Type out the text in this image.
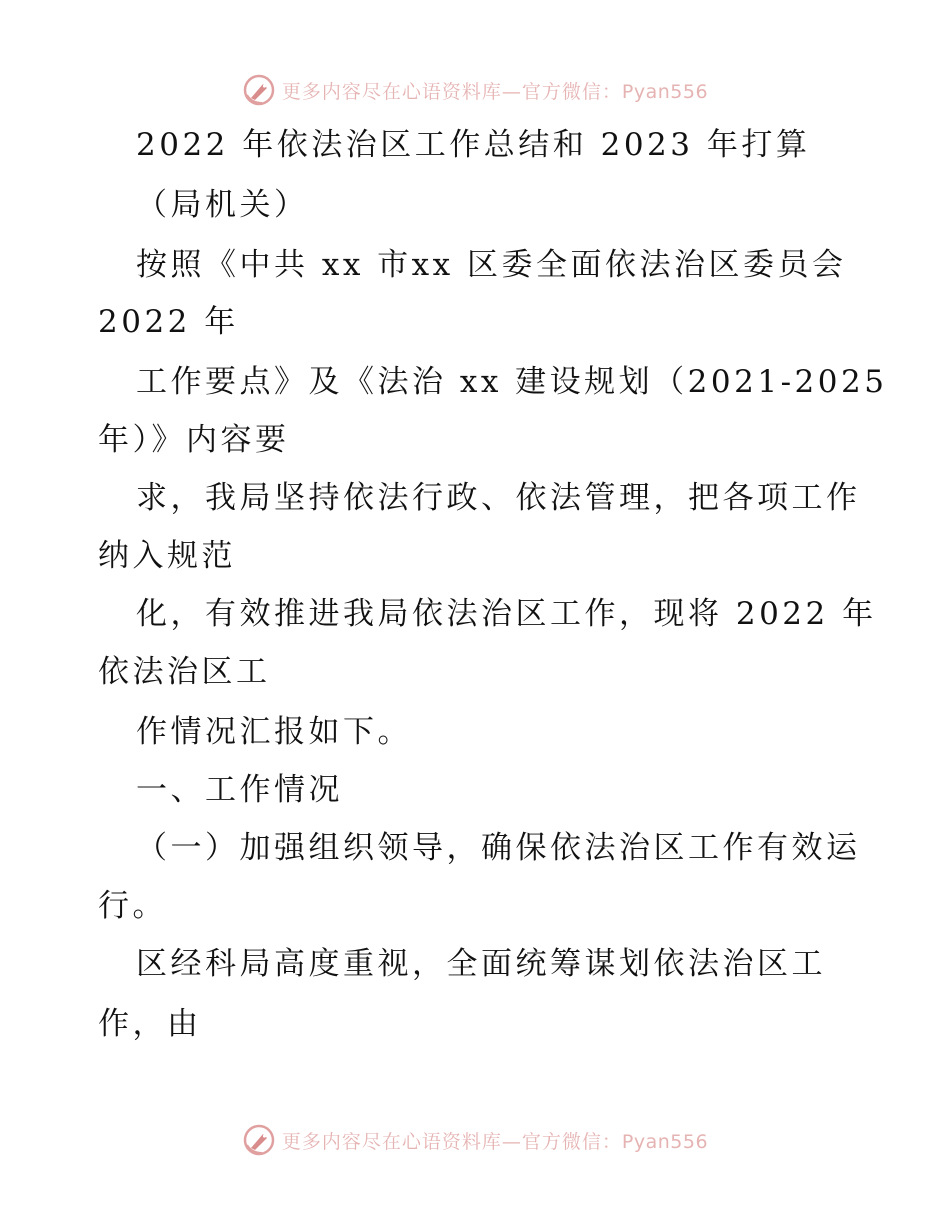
更多内容尽在心语资料库—官方微信：Pyan556
2022 年依法治区工作总结和 2023 年打算
（局机关）
按照《中共 xx 市xx 区委全面依法治区委员会
2022 年
工作要点》及《法治 xx 建设规划（2021-2025
年）》内容要
求，我局坚持依法行政、依法管理，把各项工作
纳入规范
化，有效推进我局依法治区工作，现将 2022 年
依法治区工
作情况汇报如下。
一、工作情况
（一）加强组织领导，确保依法治区工作有效运
行。
区经科局高度重视，全面统筹谋划依法治区工
作，由
更多内容尽在心语资料库—官方微信：Pyan556
